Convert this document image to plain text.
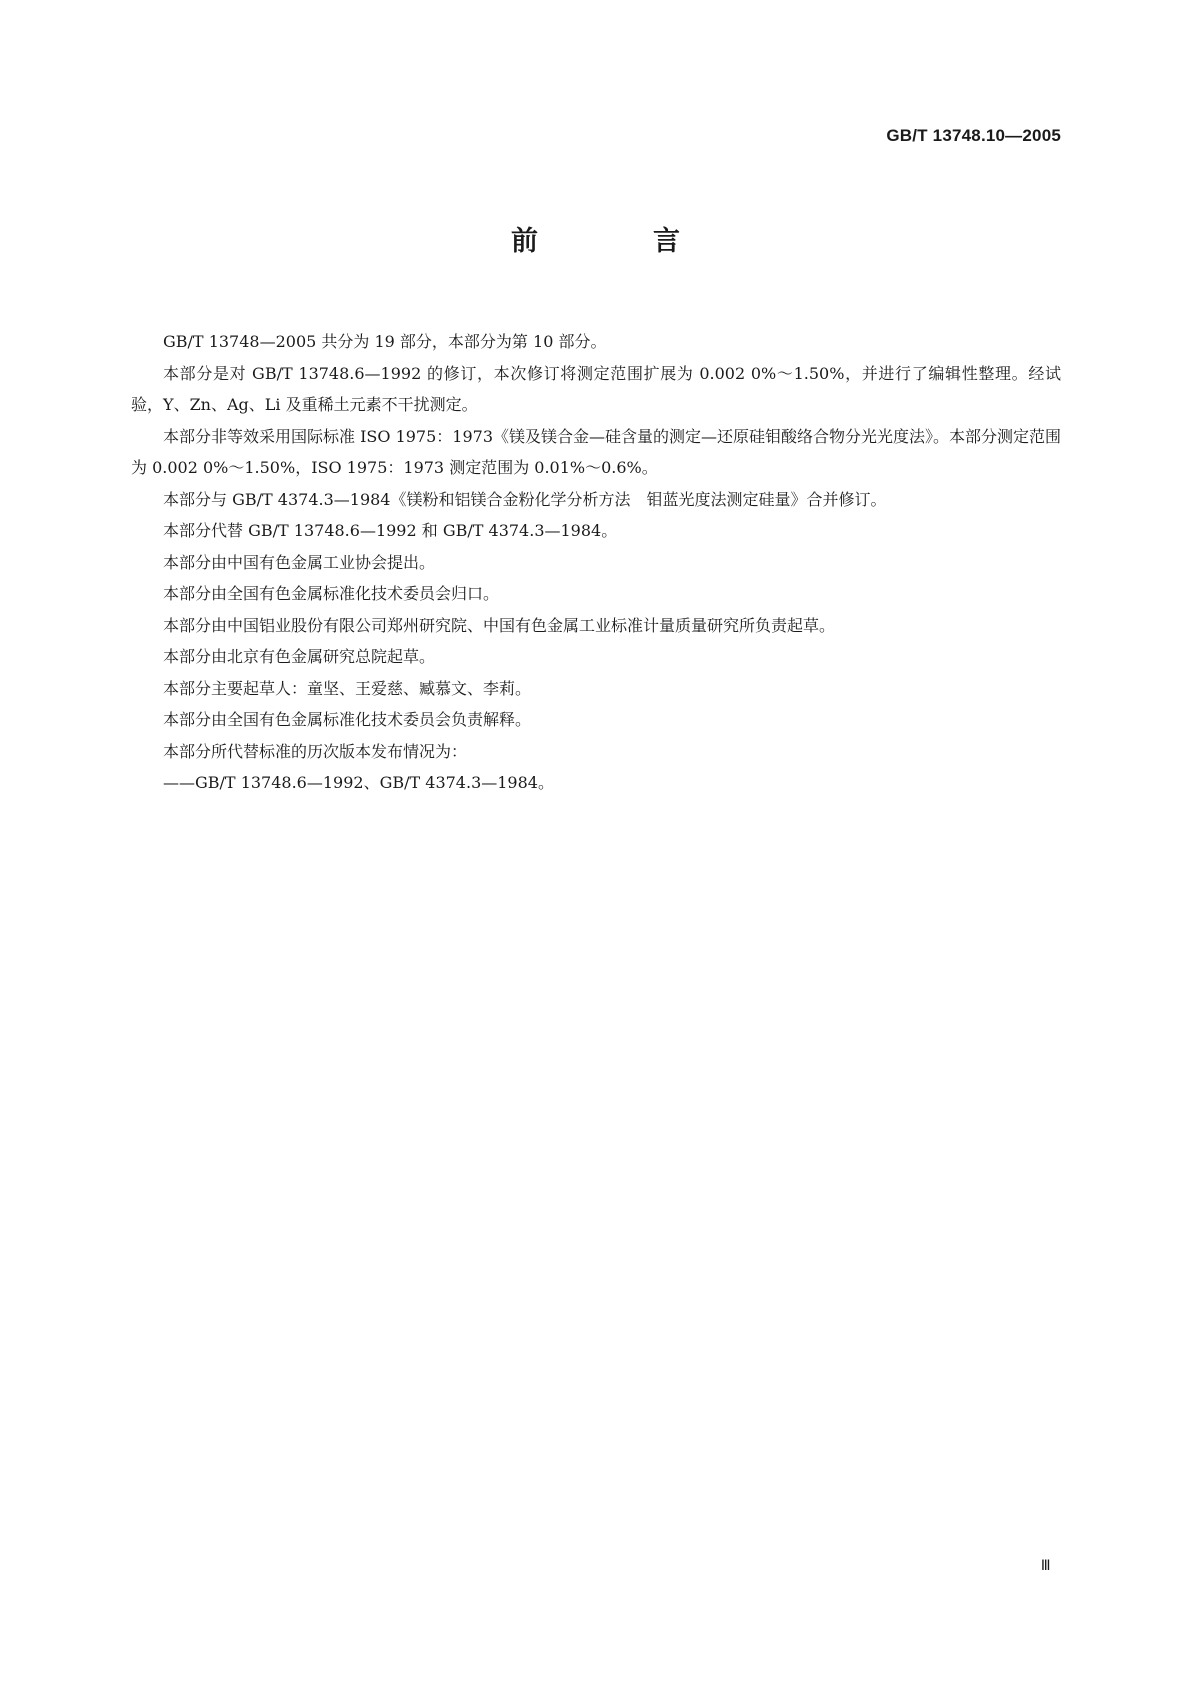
GB/T 13748.10—2005
前　言

GB/T 13748—2005 共分为 19 部分，本部分为第 10 部分。

本部分是对 GB/T 13748.6—1992 的修订，本次修订将测定范围扩展为 0.002 0%～1.50%，并进行了编辑性整理。经试验，Y、Zn、Ag、Li 及重稀土元素不干扰测定。

本部分非等效采用国际标准 ISO 1975：1973《镁及镁合金—硅含量的测定—还原硅钼酸络合物分光光度法》。本部分测定范围为 0.002 0%～1.50%，ISO 1975：1973 测定范围为 0.01%～0.6%。

本部分与 GB/T 4374.3—1984《镁粉和铝镁合金粉化学分析方法　钼蓝光度法测定硅量》合并修订。

本部分代替 GB/T 13748.6—1992 和 GB/T 4374.3—1984。

本部分由中国有色金属工业协会提出。

本部分由全国有色金属标准化技术委员会归口。

本部分由中国铝业股份有限公司郑州研究院、中国有色金属工业标准计量质量研究所负责起草。

本部分由北京有色金属研究总院起草。

本部分主要起草人：童坚、王爱慈、臧慕文、李莉。

本部分由全国有色金属标准化技术委员会负责解释。

本部分所代替标准的历次版本发布情况为：

——GB/T 13748.6—1992、GB/T 4374.3—1984。

Ⅲ
